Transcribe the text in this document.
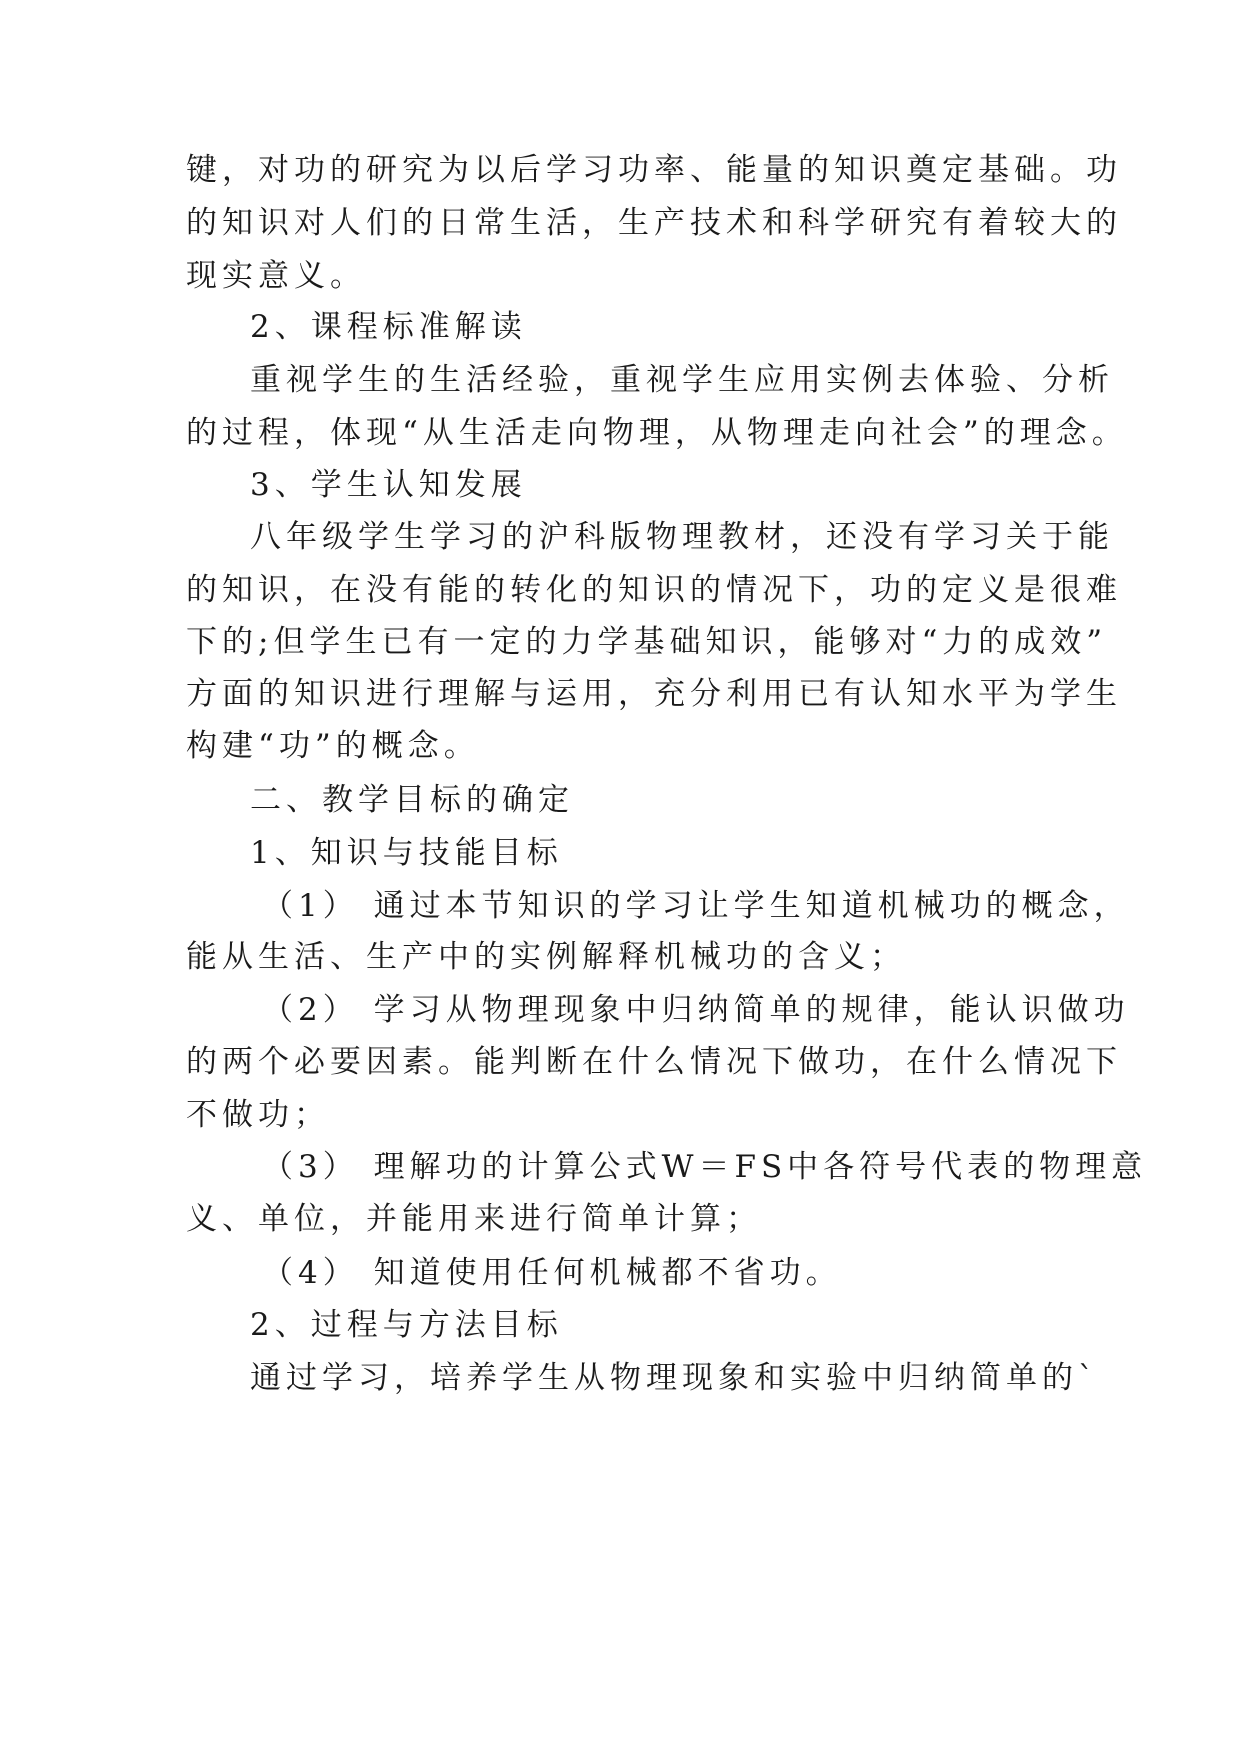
键，对功的研究为以后学习功率、能量的知识奠定基础。功
的知识对人们的日常生活，生产技术和科学研究有着较大的
现实意义。
2、课程标准解读
重视学生的生活经验，重视学生应用实例去体验、分析
的过程，体现“从生活走向物理，从物理走向社会”的理念。
3、学生认知发展
八年级学生学习的沪科版物理教材，还没有学习关于能
的知识，在没有能的转化的知识的情况下，功的定义是很难
下的;但学生已有一定的力学基础知识，能够对“力的成效”
方面的知识进行理解与运用，充分利用已有认知水平为学生
构建“功”的概念。
二、教学目标的确定
1、知识与技能目标
（1） 通过本节知识的学习让学生知道机械功的概念，
能从生活、生产中的实例解释机械功的含义；
（2） 学习从物理现象中归纳简单的规律，能认识做功
的两个必要因素。能判断在什么情况下做功，在什么情况下
不做功；
（3） 理解功的计算公式W＝FS中各符号代表的物理意
义、单位，并能用来进行简单计算；
（4） 知道使用任何机械都不省功。
2、过程与方法目标
通过学习，培养学生从物理现象和实验中归纳简单的`
